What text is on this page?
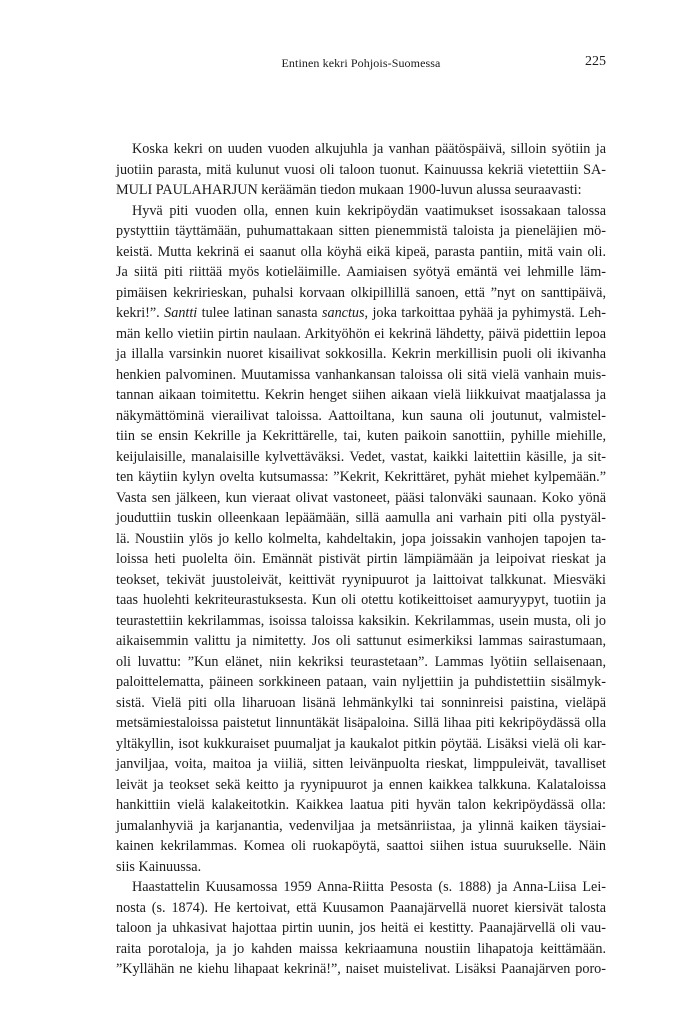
Entinen kekri Pohjois-Suomessa	225
Koska kekri on uuden vuoden alkujuhla ja vanhan päätöspäivä, silloin syötiin ja
juotiin parasta, mitä kulunut vuosi oli taloon tuonut. Kainuussa kekriä vietettiin SA-
MULI PAULAHARJUN keräämän tiedon mukaan 1900-luvun alussa seuraavasti:
Hyvä piti vuoden olla, ennen kuin kekripöydän vaatimukset isossakaan talossa
pystyttiin täyttämään, puhumattakaan sitten pienemmistä taloista ja pieneläjien mö-
keistä. Mutta kekrinä ei saanut olla köyhä eikä kipeä, parasta pantiin, mitä vain oli.
Ja siitä piti riittää myös kotieläimille. Aamiaisen syötyä emäntä vei lehmille läm-
pimäisen kekririeskan, puhalsi korvaan olkipillillä sanoen, että ”nyt on santtipäivä,
kekri!”. Santti tulee latinan sanasta sanctus, joka tarkoittaa pyhää ja pyhimystä. Leh-
män kello vietiin pirtin naulaan. Arkityöhön ei kekrinä lähdetty, päivä pidettiin lepoa
ja illalla varsinkin nuoret kisailivat sokkosilla. Kekrin merkillisin puoli oli ikivanha
henkien palvominen. Muutamissa vanhankansan taloissa oli sitä vielä vanhain muis-
tannan aikaan toimitettu. Kekrin henget siihen aikaan vielä liikkuivat maatjalassa ja
näkymättöminä vierailivat taloissa. Aattoiltana, kun sauna oli joutunut, valmistel-
tiin se ensin Kekrille ja Kekrittärelle, tai, kuten paikoin sanottiin, pyhille miehille,
keijulaisille, manalaisille kylvettäväksi. Vedet, vastat, kaikki laitettiin käsille, ja sit-
ten käytiin kylyn ovelta kutsumassa: ”Kekrit, Kekrittäret, pyhät miehet kylpemään.”
Vasta sen jälkeen, kun vieraat olivat vastoneet, pääsi talonväki saunaan. Koko yönä
jouduttiin tuskin olleenkaan lepäämään, sillä aamulla ani varhain piti olla pystyäl-
lä. Noustiin ylös jo kello kolmelta, kahdeltakin, jopa joissakin vanhojen tapojen ta-
loissa heti puolelta öin. Emännät pistivät pirtin lämpiämään ja leipoivat rieskat ja
teokset, tekivät juustoleivät, keittivät ryynipuurot ja laittoivat talkkunat. Miesväki
taas huolehti kekriteurastuksesta. Kun oli otettu kotikeittoiset aamuryypyt, tuotiin ja
teurastettiin kekrilammas, isoissa taloissa kaksikin. Kekrilammas, usein musta, oli jo
aikaisemmin valittu ja nimitetty. Jos oli sattunut esimerkiksi lammas sairastumaan,
oli luvattu: ”Kun elänet, niin kekriksi teurastetaan”. Lammas lyötiin sellaisenaan,
paloittelematta, päineen sorkkineen pataan, vain nyljettiin ja puhdistettiin sisälmyk-
sistä. Vielä piti olla liharuoan lisänä lehmänkylki tai sonninreisi paistina, vieläpä
metsämiestaloissa paistetut linnuntäkät lisäpaloina. Sillä lihaa piti kekripöydässä olla
yltäkyllin, isot kukkuraiset puumaljat ja kaukalot pitkin pöytää. Lisäksi vielä oli kar-
janviljaa, voita, maitoa ja viiliä, sitten leivänpuolta rieskat, limppuleivät, tavalliset
leivät ja teokset sekä keitto ja ryynipuurot ja ennen kaikkea talkkuna. Kalataloissa
hankittiin vielä kalakeitotkin. Kaikkea laatua piti hyvän talon kekripöydässä olla:
jumalanhyviä ja karjanantia, vedenviljaa ja metsänriistaa, ja ylinnä kaiken täysiai-
kainen kekrilammas. Komea oli ruokapöytä, saattoi siihen istua suurukselle. Näin
siis Kainuussa.
Haastattelin Kuusamossa 1959 Anna-Riitta Pesosta (s. 1888) ja Anna-Liisa Lei-
nosta (s. 1874). He kertoivat, että Kuusamon Paanajärvellä nuoret kiersivät talosta
taloon ja uhkasivat hajottaa pirtin uunin, jos heitä ei kestitty. Paanajärvellä oli vau-
raita porotaloja, ja jo kahden maissa kekriaamuna noustiin lihapatoja keittämään.
”Kyllähän ne kiehu lihapaat kekrinä!”, naiset muistelivat. Lisäksi Paanajärven poro-
